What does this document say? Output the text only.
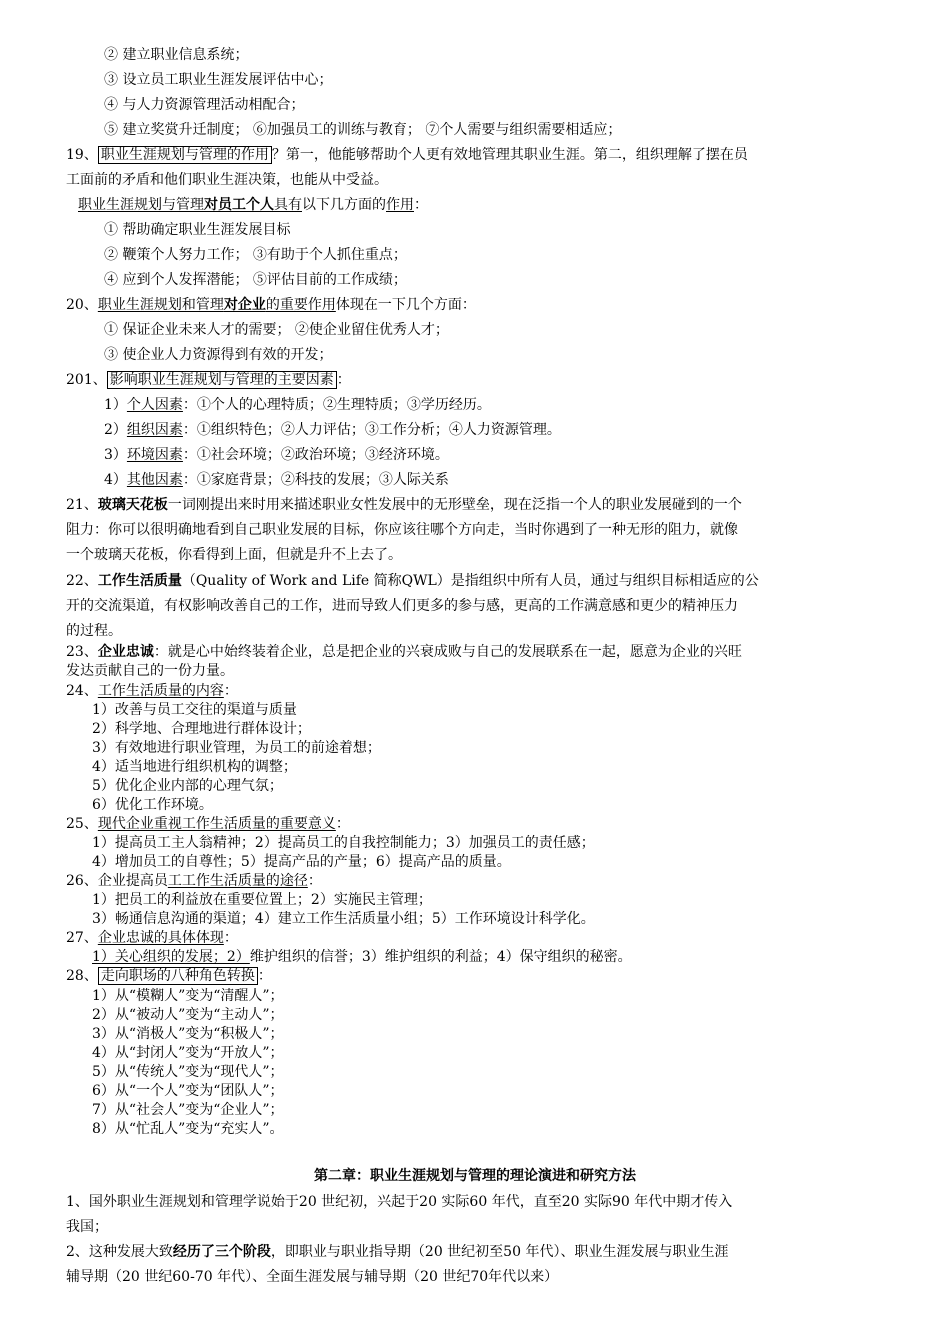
② 建立职业信息系统；
③ 设立员工职业生涯发展评估中心；
④ 与人力资源管理活动相配合；
⑤ 建立奖赏升迁制度； ⑥加强员工的训练与教育； ⑦个人需要与组织需要相适应；
19、 职业生涯规划与管理的作用 ？第一，他能够帮助个人更有效地管理其职业生涯。第二，组织理解了摆在员
工面前的矛盾和他们职业生涯决策，也能从中受益。
职业生涯规划与管理对员工个人具有以下几方面的作用：
① 帮助确定职业生涯发展目标
② 鞭策个人努力工作； ③有助于个人抓住重点；
④ 应到个人发挥潜能； ⑤评估目前的工作成绩；
20、职业生涯规划和管理对企业的重要作用体现在一下几个方面：
① 保证企业未来人才的需要； ②使企业留住优秀人才；
③ 使企业人力资源得到有效的开发；
201、 影响职业生涯规划与管理的主要因素 ：
1）个人因素：①个人的心理特质；②生理特质；③学历经历。
2）组织因素：①组织特色；②人力评估；③工作分析；④人力资源管理。
3）环境因素：①社会环境；②政治环境；③经济环境。
4）其他因素：①家庭背景；②科技的发展；③人际关系
21、玻璃天花板一词刚提出来时用来描述职业女性发展中的无形壁垒，现在泛指一个人的职业发展碰到的一个
阻力：你可以很明确地看到自己职业发展的目标，你应该往哪个方向走，当时你遇到了一种无形的阻力，就像
一个玻璃天花板，你看得到上面，但就是升不上去了。
22、工作生活质量（Quality of Work and Life 简称QWL）是指组织中所有人员，通过与组织目标相适应的公
开的交流渠道，有权影响改善自己的工作，进而导致人们更多的参与感，更高的工作满意感和更少的精神压力
的过程。
23、企业忠诚：就是心中始终装着企业，总是把企业的兴衰成败与自己的发展联系在一起，愿意为企业的兴旺
发达贡献自己的一份力量。
24、工作生活质量的内容：
1）改善与员工交往的渠道与质量
2）科学地、合理地进行群体设计；
3）有效地进行职业管理，为员工的前途着想；
4）适当地进行组织机构的调整；
5）优化企业内部的心理气氛；
6）优化工作环境。
25、现代企业重视工作生活质量的重要意义：
1）提高员工主人翁精神；2）提高员工的自我控制能力；3）加强员工的责任感；
4）增加员工的自尊性；5）提高产品的产量；6）提高产品的质量。
26、企业提高员工工作生活质量的途径：
1）把员工的利益放在重要位置上；2）实施民主管理；
3）畅通信息沟通的渠道；4）建立工作生活质量小组；5）工作环境设计科学化。
27、企业忠诚的具体体现：
1）关心组织的发展；2）维护组织的信誉；3）维护组织的利益；4）保守组织的秘密。
28、 走向职场的八种角色转换 ：
1）从“模糊人”变为“清醒人”；
2）从“被动人”变为“主动人”；
3）从“消极人”变为“积极人”；
4）从“封闭人”变为“开放人”；
5）从“传统人”变为“现代人”；
6）从“一个人”变为“团队人”；
7）从“社会人”变为“企业人”；
8）从“忙乱人”变为“充实人”。
第二章：职业生涯规划与管理的理论演进和研究方法
1、国外职业生涯规划和管理学说始于20 世纪初，兴起于20 实际60 年代，直至20 实际90 年代中期才传入
我国；
2、这种发展大致经历了三个阶段，即职业与职业指导期（20 世纪初至50 年代）、职业生涯发展与职业生涯
辅导期（20 世纪60-70 年代）、全面生涯发展与辅导期（20 世纪70年代以来）
